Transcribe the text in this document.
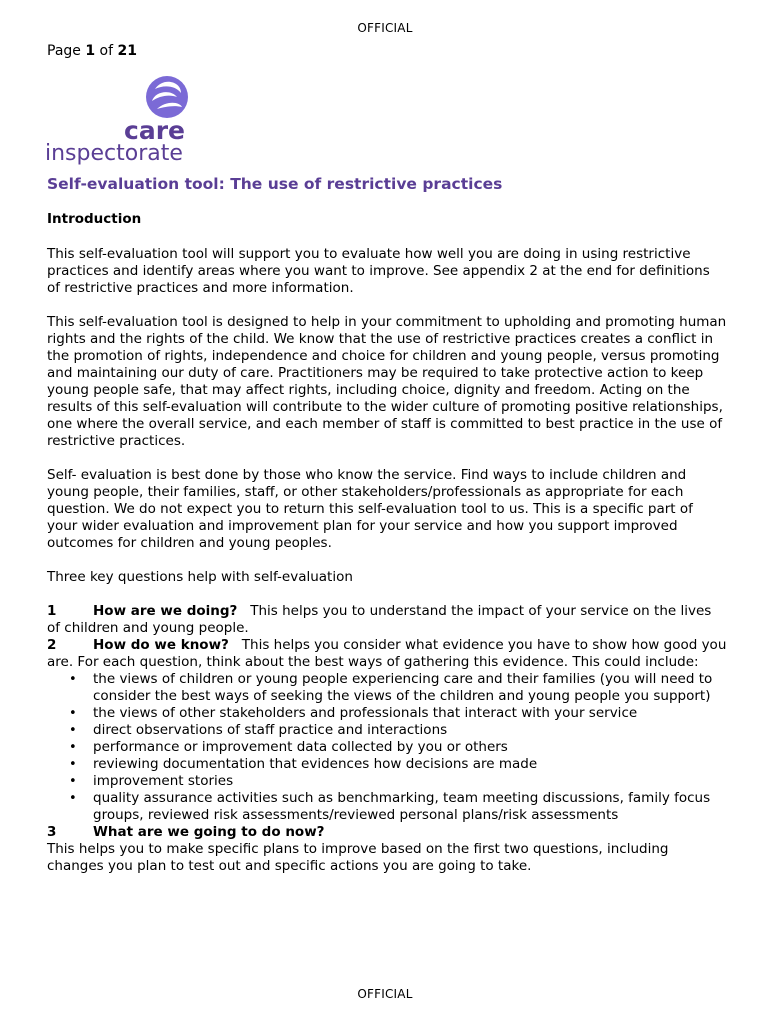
OFFICIAL
Page 1 of 21
care
inspectorate
Self-evaluation tool: The use of restrictive practices
Introduction

This self-evaluation tool will support you to evaluate how well you are doing in using restrictive practices and identify areas where you want to improve. See appendix 2 at the end for definitions of restrictive practices and more information.

This self-evaluation tool is designed to help in your commitment to upholding and promoting human rights and the rights of the child. We know that the use of restrictive practices creates a conflict in the promotion of rights, independence and choice for children and young people, versus promoting and maintaining our duty of care. Practitioners may be required to take protective action to keep young people safe, that may affect rights, including choice, dignity and freedom. Acting on the results of this self-evaluation will contribute to the wider culture of promoting positive relationships, one where the overall service, and each member of staff is committed to best practice in the use of restrictive practices.

Self- evaluation is best done by those who know the service. Find ways to include children and young people, their families, staff, or other stakeholders/professionals as appropriate for each question. We do not expect you to return this self-evaluation tool to us. This is a specific part of your wider evaluation and improvement plan for your service and how you support improved outcomes for children and young peoples.

Three key questions help with self-evaluation

1	How are we doing? This helps you to understand the impact of your service on the lives of children and young people.
2	How do we know? This helps you consider what evidence you have to show how good you are. For each question, think about the best ways of gathering this evidence. This could include:
• the views of children or young people experiencing care and their families (you will need to consider the best ways of seeking the views of the children and young people you support)
• the views of other stakeholders and professionals that interact with your service
• direct observations of staff practice and interactions
• performance or improvement data collected by you or others
• reviewing documentation that evidences how decisions are made
• improvement stories
• quality assurance activities such as benchmarking, team meeting discussions, family focus groups, reviewed risk assessments/reviewed personal plans/risk assessments
3	What are we going to do now?
This helps you to make specific plans to improve based on the first two questions, including changes you plan to test out and specific actions you are going to take.
OFFICIAL
